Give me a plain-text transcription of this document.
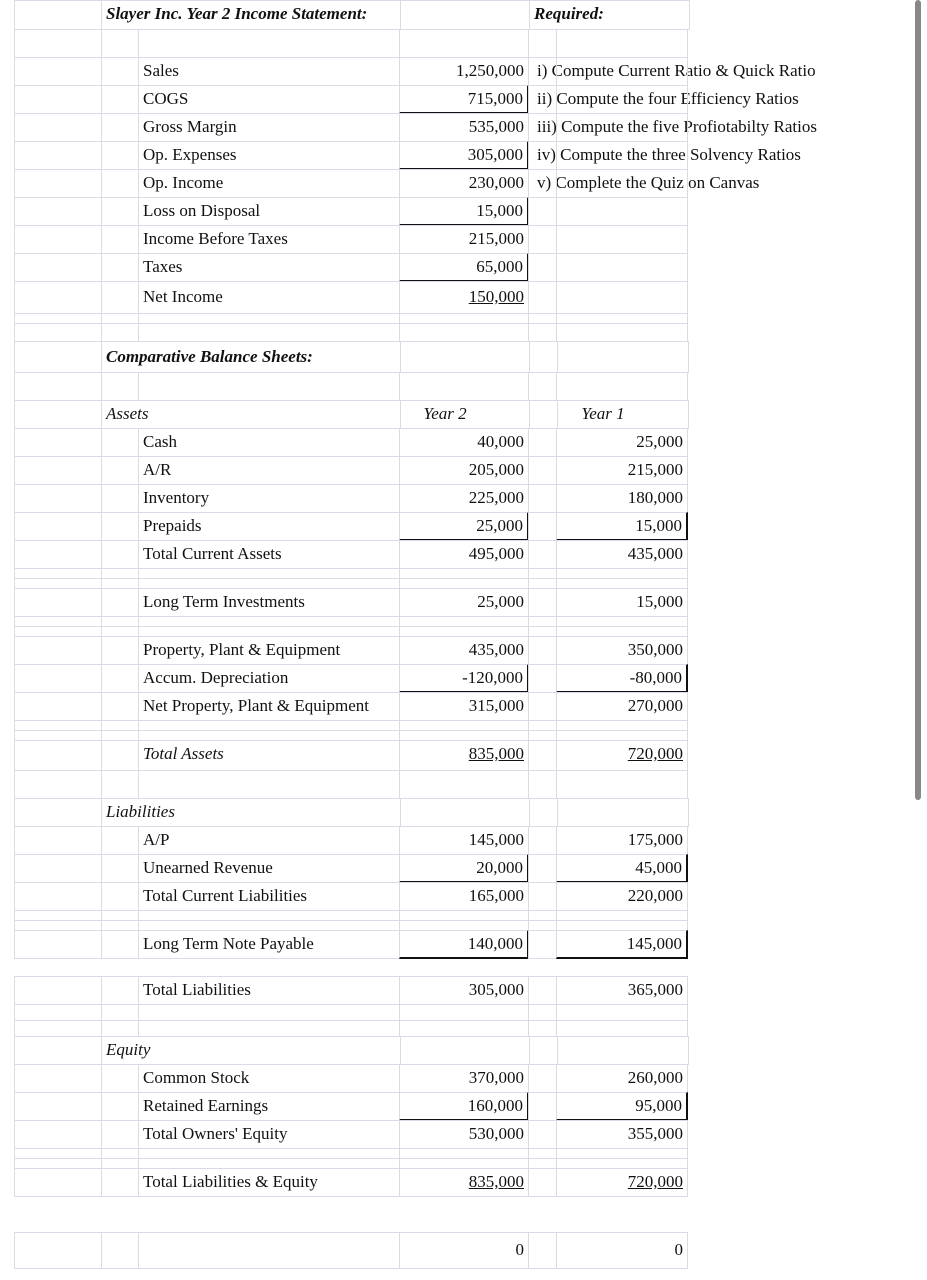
Slayer Inc. Year 2 Income Statement:	Required:
Sales	1,250,000 i) Compute Current Ratio & Quick Ratio
COGS	715,000 ii) Compute the four Efficiency Ratios
Gross Margin	535,000 iii) Compute the five Profiotabilty Ratios
Op. Expenses	305,000 iv) Compute the three Solvency Ratios
Op. Income	230,000 v) Complete the Quiz on Canvas
Loss on Disposal	15,000
Income Before Taxes	215,000
Taxes	65,000
Net Income	150,000
Comparative Balance Sheets:
Assets	Year 2	Year 1
Cash	40,000	25,000
A/R	205,000	215,000
Inventory	225,000	180,000
Prepaids	25,000	15,000
Total Current Assets	495,000	435,000
Long Term Investments	25,000	15,000
Property, Plant & Equipment	435,000	350,000
Accum. Depreciation	-120,000	-80,000
Net Property, Plant & Equipment	315,000	270,000
Total Assets	835,000	720,000
Liabilities
A/P	145,000	175,000
Unearned Revenue	20,000	45,000
Total Current Liabilities	165,000	220,000
Long Term Note Payable	140,000	145,000
Total Liabilities	305,000	365,000
Equity
Common Stock	370,000	260,000
Retained Earnings	160,000	95,000
Total Owners' Equity	530,000	355,000
Total Liabilities & Equity	835,000	720,000
0	0
